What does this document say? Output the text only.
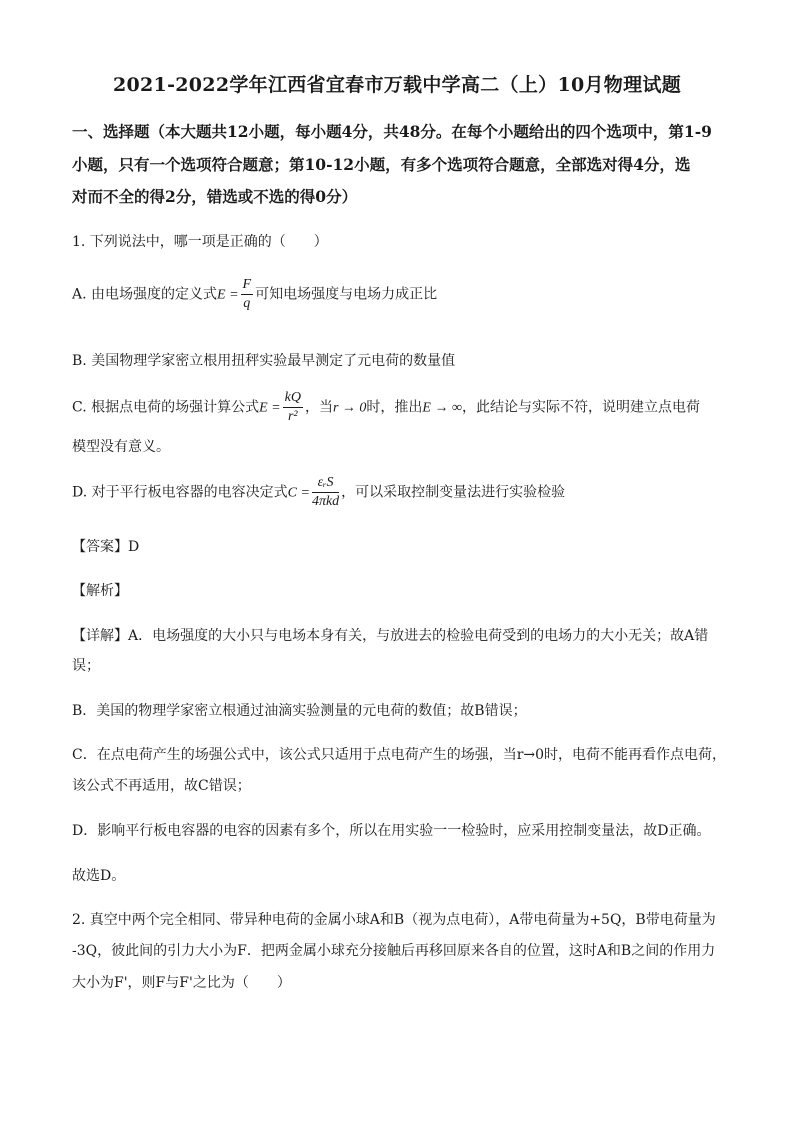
2021-2022学年江西省宜春市万载中学高二（上）10月物理试题
一、选择题（本大题共12小题，每小题4分，共48分。在每个小题给出的四个选项中，第1-9
小题，只有一个选项符合题意；第10-12小题，有多个选项符合题意，全部选对得4分，选
对而不全的得2分，错选或不选的得0分）
1. 下列说法中，哪一项是正确的（　　）
A. 由电场强度的定义式$E = \frac{F}{q}$ 可知电场强度与电场力成正比
B. 美国物理学家密立根用扭秤实验最早测定了元电荷的数量值
C. 根据点电荷的场强计算公式$E = \frac{kQ}{\text{r²}}$ ，当r → 0时，推出E → ∞，此结论与实际不符，说明建立点电荷
模型没有意义。
D. 对于平行板电容器的电容决定式$C = \frac{\text{εᵣS}}{\text{4πkd}}$ ，可以采取控制变量法进行实验检验
【答案】D
【解析】
【详解】A．电场强度的大小只与电场本身有关，与放进去的检验电荷受到的电场力的大小无关；故A错
误；
B．美国的物理学家密立根通过油滴实验测量的元电荷的数值；故B错误；
C．在点电荷产生的场强公式中，该公式只适用于点电荷产生的场强，当r→0时，电荷不能再看作点电荷，
该公式不再适用，故C错误；
D．影响平行板电容器的电容的因素有多个，所以在用实验一一检验时，应采用控制变量法，故D正确。
故选D。
2. 真空中两个完全相同、带异种电荷的金属小球A和B（视为点电荷），A带电荷量为+5Q，B带电荷量为
-3Q，彼此间的引力大小为F．把两金属小球充分接触后再移回原来各自的位置，这时A和B之间的作用力
大小为F'，则F与F'之比为（　　）
